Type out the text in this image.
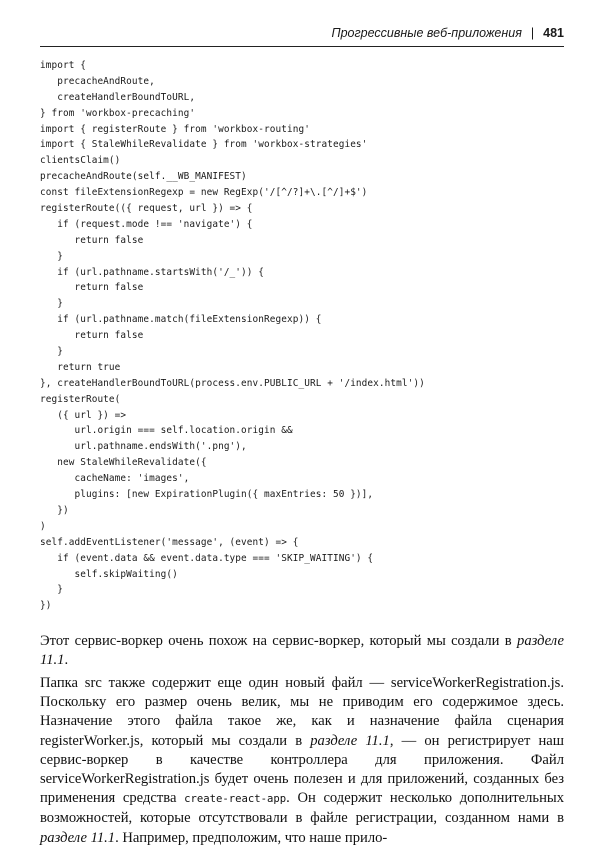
Прогрессивные веб-приложения | 481
import {
precacheAndRoute,
createHandlerBoundToURL,
} from 'workbox-precaching'
import { registerRoute } from 'workbox-routing'
import { StaleWhileRevalidate } from 'workbox-strategies'
clientsClaim()
precacheAndRoute(self.__WB_MANIFEST)
const fileExtensionRegexp = new RegExp('/[^/?]+\.[^/]+$')
registerRoute(({ request, url }) => {
if (request.mode !== 'navigate') {
return false
}
if (url.pathname.startsWith('/_')) {
return false
}
if (url.pathname.match(fileExtensionRegexp)) {
return false
}
return true
}, createHandlerBoundToURL(process.env.PUBLIC_URL + '/index.html'))
registerRoute(
({ url }) =>
url.origin === self.location.origin &&
url.pathname.endsWith('.png'),
new StaleWhileRevalidate({
cacheName: 'images',
plugins: [new ExpirationPlugin({ maxEntries: 50 })],
})
)
self.addEventListener('message', (event) => {
if (event.data && event.data.type === 'SKIP_WAITING') {
self.skipWaiting()
}
})
Этот сервис-воркер очень похож на сервис-воркер, который мы создали в разделе 11.1.
Папка src также содержит еще один новый файл — serviceWorkerRegistration.js. Поскольку его размер очень велик, мы не приводим его содержимое здесь. Назначение этого файла такое же, как и назначение файла сценария registerWorker.js, который мы создали в разделе 11.1, — он регистрирует наш сервис-воркер в качестве контроллера для приложения. Файл serviceWorkerRegistration.js будет очень полезен и для приложений, созданных без применения средства create-react-app. Он содержит несколько дополнительных возможностей, которые отсутствовали в файле регистрации, созданном нами в разделе 11.1. Например, предположим, что наше прило-
